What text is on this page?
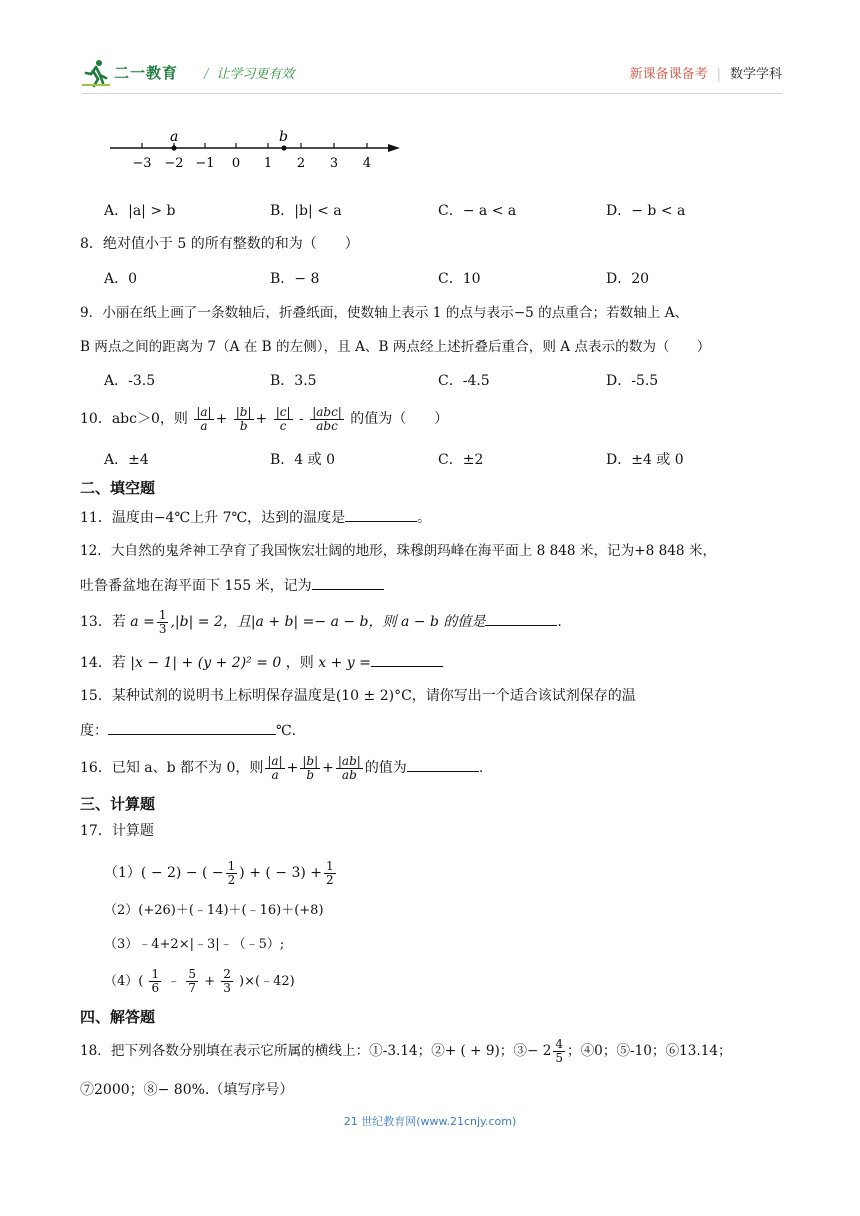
二一教育 / 让学习更有效	新课备课备考 | 数学学科
a	b
−3 −2 −1 0 1 2 3 4
A．|a| > b	B．|b| < a	C．− a < a	D．− b < a
8．绝对值小于 5 的所有整数的和为（　　）
A．0	B．− 8	C．10	D．20
9．小丽在纸上画了一条数轴后，折叠纸面，使数轴上表示 1 的点与表示−5 的点重合；若数轴上 A、
B 两点之间的距离为 7（A 在 B 的左侧），且 A、B 两点经上述折叠后重合，则 A 点表示的数为（　　）
A．-3.5	B．3.5	C．-4.5	D．-5.5
10．abc＞0，则 $\frac{|a|}{a} + \frac{|b|}{b} + \frac{|c|}{c} - \frac{\text{|abc|}}{\text{abc}}$ 的值为（　　）
A．±4	B．4 或 0	C．±2	D．±4 或 0
二、填空题
11．温度由−4℃上升 7℃，达到的温度是	。
12．大自然的鬼斧神工孕育了我国恢宏壮阔的地形，珠穆朗玛峰在海平面上 8 848 米，记为+8 848 米，
吐鲁番盆地在海平面下 155 米，记为
13．若 $a = \frac{1}{3} ,|b| = 2$，且|a + b| =− a − b，则 a − b 的值是	.
14．若 |x − 1| + (y + 2)² = 0 ，则 x + y =
15．某种试剂的说明书上标明保存温度是(10 ± 2)°C，请你写出一个适合该试剂保存的温
度：	℃.
16．已知 a、b 都不为 0，则 $\frac{|a|}{a} + \frac{|b|}{b} + \frac{|ab|}{ab}$ 的值为	.
三、计算题
17．计算题
（1）( − 2) − ( − $\frac{1}{2}$ ) + ( − $3) + \frac{1}{2}$
（2）(+26)＋(﹣14)＋(﹣16)＋(+8)
（3）﹣4+2×|﹣3|﹣（﹣5）;
$(4)( \frac{1}{6}$ ﹣ $\frac{5}{7} + \frac{2}{3}$ )×(﹣42)
四、解答题
18．把下列各数分别填在表示它所属的横线上：①-3.14；②+ ( + 9)；③− $2 \frac{4}{5}$ ；④0；⑤-10；⑥13.14；
⑦2000；⑧− 80%.（填写序号）
21 世纪教育网(www.21cnjy.com)
